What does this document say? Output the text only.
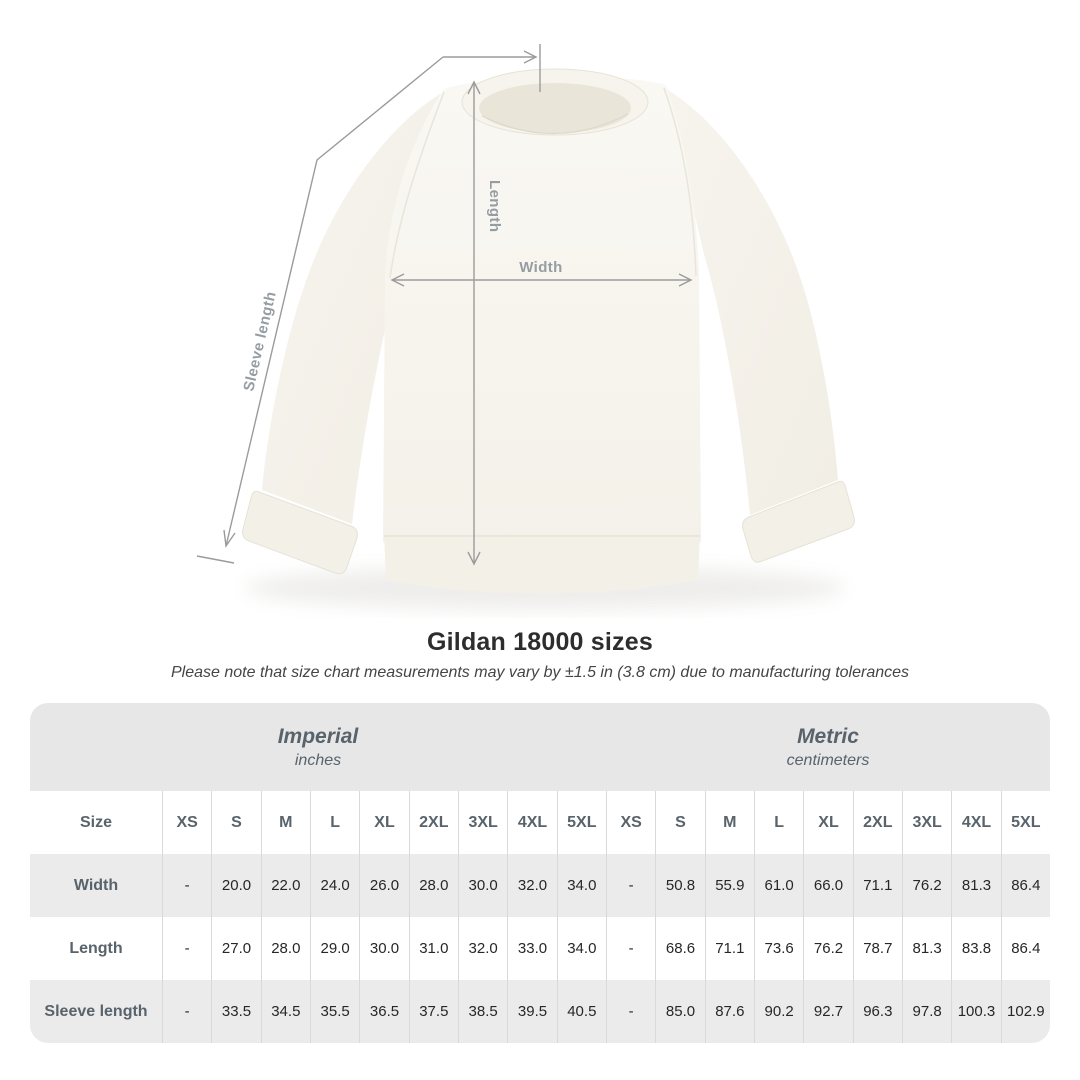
Length
Width
Sleeve length
Gildan 18000 sizes

Please note that size chart measurements may vary by ±1.5 in (3.8 cm) due to manufacturing tolerances

Imperial
inches
Metric
centimeters
Size	XS	S	M	L	XL	2XL	3XL	4XL	5XL	XS	S	M	L	XL	2XL	3XL	4XL	5XL
Width	-	20.0	22.0	24.0	26.0	28.0	30.0	32.0	34.0	-	50.8	55.9	61.0	66.0	71.1	76.2	81.3	86.4
Length	-	27.0	28.0	29.0	30.0	31.0	32.0	33.0	34.0	-	68.6	71.1	73.6	76.2	78.7	81.3	83.8	86.4
Sleeve length	-	33.5	34.5	35.5	36.5	37.5	38.5	39.5	40.5	-	85.0	87.6	90.2	92.7	96.3	97.8	100.3 102.9
